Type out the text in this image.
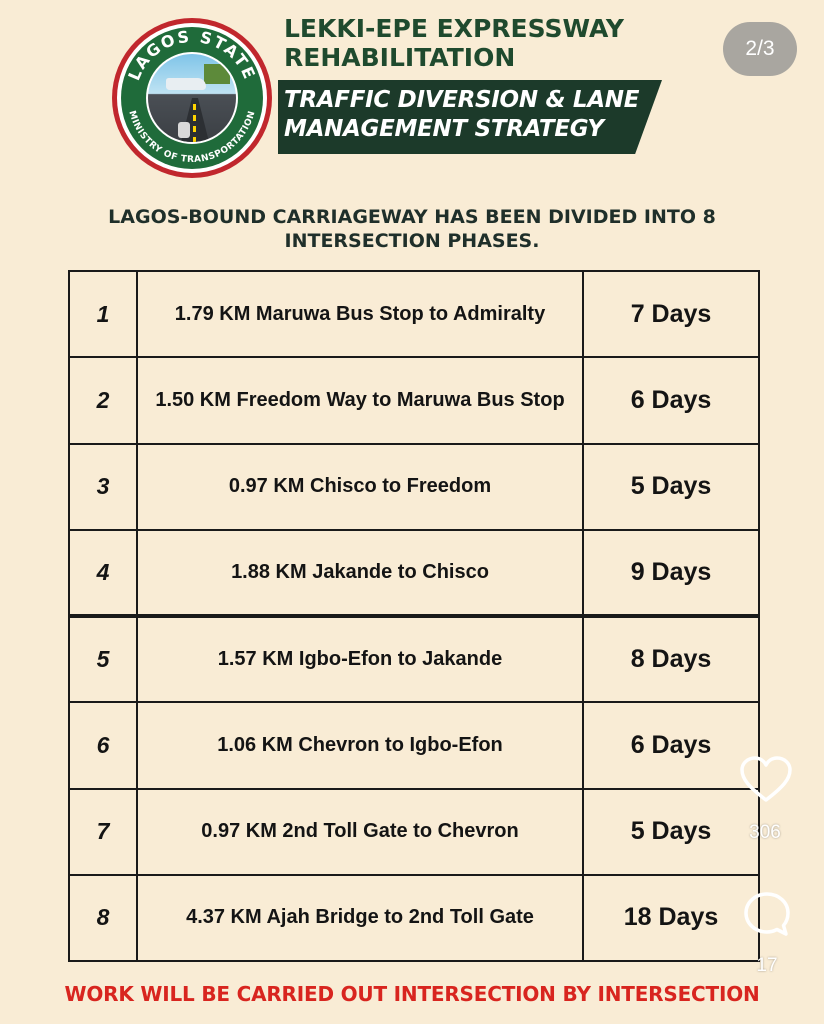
LAGOS STATE
MINISTRY OF TRANSPORTATION
LEKKI-EPE EXPRESSWAY
REHABILITATION
TRAFFIC DIVERSION & LANE
MANAGEMENT STRATEGY
2/3
LAGOS-BOUND CARRIAGEWAY HAS BEEN DIVIDED INTO 8
INTERSECTION PHASES.
1	1.79 KM Maruwa Bus Stop to Admiralty	7 Days
2	1.50 KM Freedom Way to Maruwa Bus Stop	6 Days
3	0.97 KM Chisco to Freedom	5 Days
4	1.88 KM Jakande to Chisco	9 Days
5	1.57 KM Igbo-Efon to Jakande	8 Days
6	1.06 KM Chevron to Igbo-Efon	6 Days
7	0.97 KM 2nd Toll Gate to Chevron	5 Days
8	4.37 KM Ajah Bridge to 2nd Toll Gate	18 Days
WORK WILL BE CARRIED OUT INTERSECTION BY INTERSECTION
306
17
